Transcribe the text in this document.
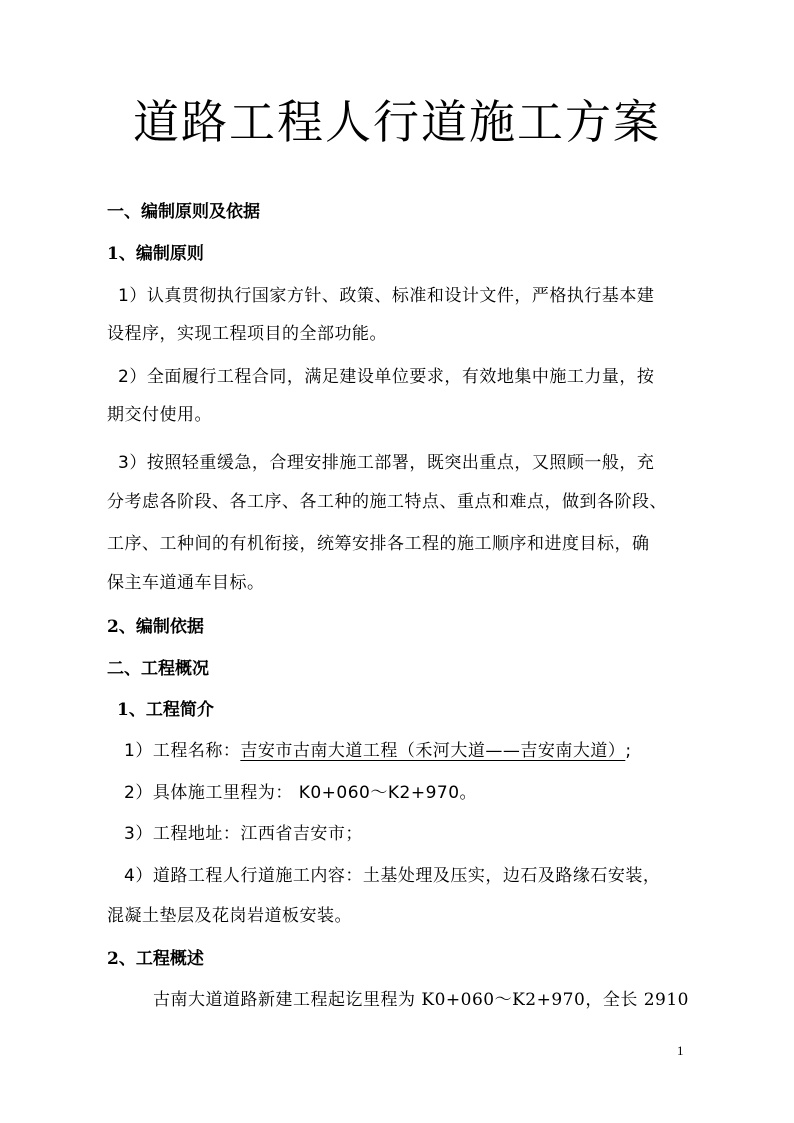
道路工程人行道施工方案

一、编制原则及依据

1、编制原则

1）认真贯彻执行国家方针、政策、标准和设计文件，严格执行基本建

设程序，实现工程项目的全部功能。

2）全面履行工程合同，满足建设单位要求，有效地集中施工力量，按

期交付使用。

3）按照轻重缓急，合理安排施工部署，既突出重点，又照顾一般，充

分考虑各阶段、各工序、各工种的施工特点、重点和难点，做到各阶段、

工序、工种间的有机衔接，统筹安排各工程的施工顺序和进度目标，确

保主车道通车目标。

2、编制依据

二、工程概况

1、工程简介

1）工程名称：吉安市古南大道工程（禾河大道——吉安南大道）;

2）具体施工里程为： K0+060～K2+970。

3）工程地址：江西省吉安市；

4）道路工程人行道施工内容：土基处理及压实，边石及路缘石安装，

混凝土垫层及花岗岩道板安装。

2、工程概述

古南大道道路新建工程起讫里程为 K0+060～K2+970，全长 2910

1
